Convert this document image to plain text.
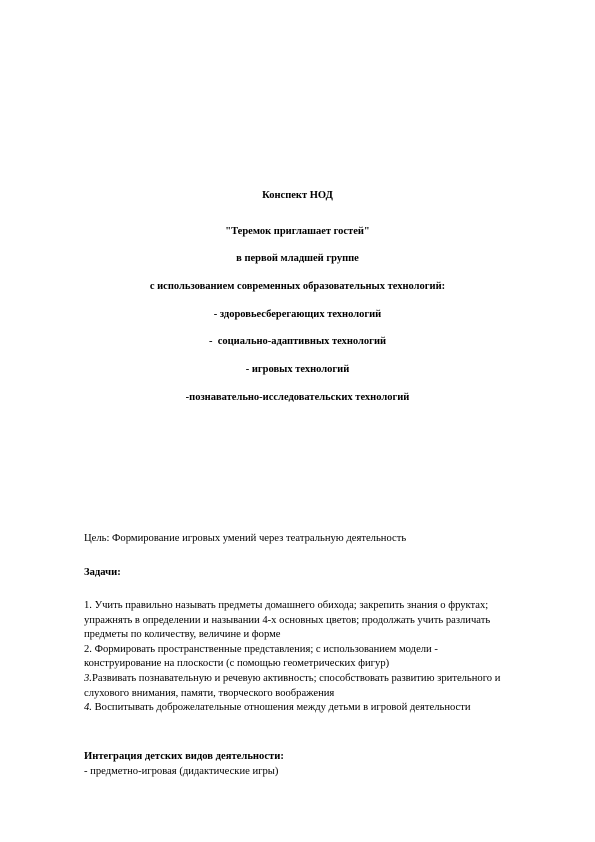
Конспект НОД
"Теремок приглашает гостей"
в первой младшей группе
с использованием современных образовательных технологий:
- здоровьесберегающих технологий
-  социально-адаптивных технологий
- игровых технологий
-познавательно-исследовательских технологий

Цель: Формирование игровых умений через театральную деятельность

Задачи:

1. Учить правильно называть предметы домашнего обихода; закрепить знания о фруктах;

упражнять в определении и назывании 4-х основных цветов; продолжать учить различать

предметы по количеству, величине и форме

2. Формировать пространственные представления; с использованием модели -

конструирование на плоскости (с помощью геометрических фигур)

3.Развивать познавательную и речевую активность; способствовать развитию зрительного и

слухового внимания, памяти, творческого воображения

4. Воспитывать доброжелательные отношения между детьми в игровой деятельности

Интеграция детских видов деятельности:

- предметно-игровая (дидактические игры)
